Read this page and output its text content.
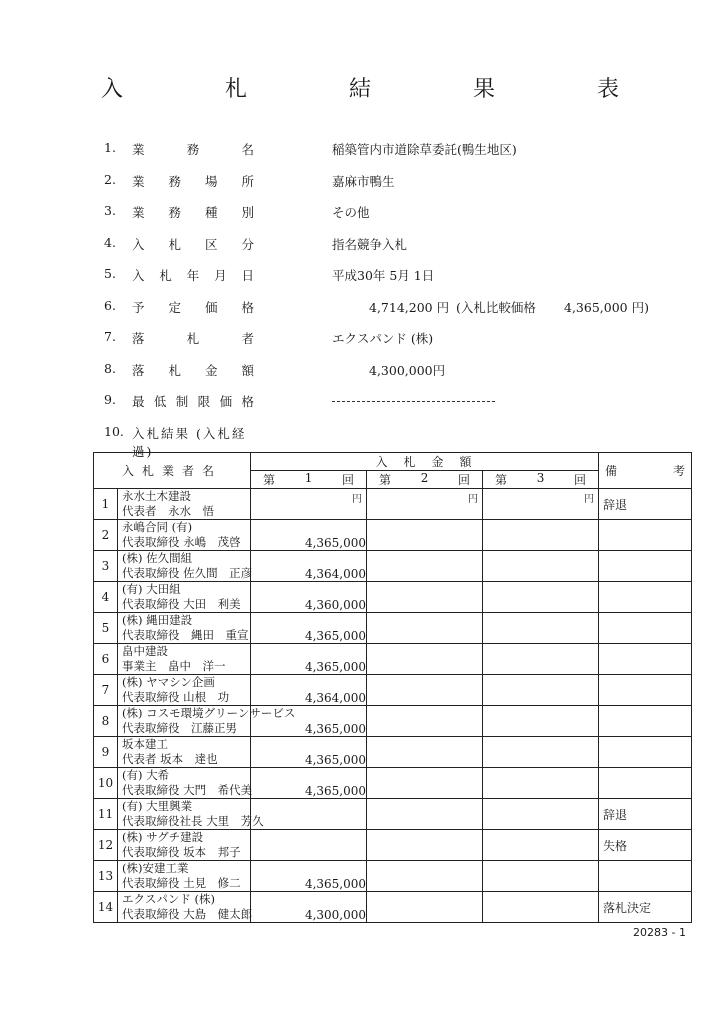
入　札　結　果　表
1.	業	務	名	稲築管内市道除草委託(鴨生地区)
2.	業 務 場 所	嘉麻市鴨生
3.	業 務 種 別	その他
4.	入 札 区 分	指名競争入札
5.	入 札 年 月 日	平成30年 5月 1日
6.	予 定 価 格	4,714,200 円 (入札比較価格 4,365,000 円)
7.	落	札	者	エクスパンド (株)
8.	落 札 金 額	4,300,000円
9.	最 低 制 限 価 格
10. 入札結果 (入札経過)
入札業者名		入　札　金　額			備 考

		第 1 回	第 2 回	第 3 回	

1	永水土木建設
代表者　永水　悟	円	円	円	辞退
2	永嶋合同 (有)
代表取締役 永嶋　茂啓	4,365,000			
3	(株) 佐久間組
代表取締役 佐久間　正彦	4,364,000			
4	(有) 大田組
代表取締役 大田　利美	4,360,000			
5	(株) 縄田建設
代表取締役　縄田　重宣	4,365,000			
6	畠中建設
事業主　畠中　洋一	4,365,000			
7	(株) ヤマシン企画
代表取締役 山根　功	4,364,000			
8	(株) コスモ環境グリーンサービス
代表取締役　江藤正男	4,365,000			
9	坂本建工
代表者 坂本　達也	4,365,000			
10	(有) 大希
代表取締役 大門　希代美	4,365,000			
11	(有) 大里興業
代表取締役社長 大里　芳久				辞退
12	(株) サグチ建設
代表取締役 坂本　邦子				失格
13	(株)安建工業
代表取締役 土見　修二	4,365,000			
14	エクスパンド (株)
代表取締役 大島　健太郎	4,300,000			落札決定
20283 - 1
